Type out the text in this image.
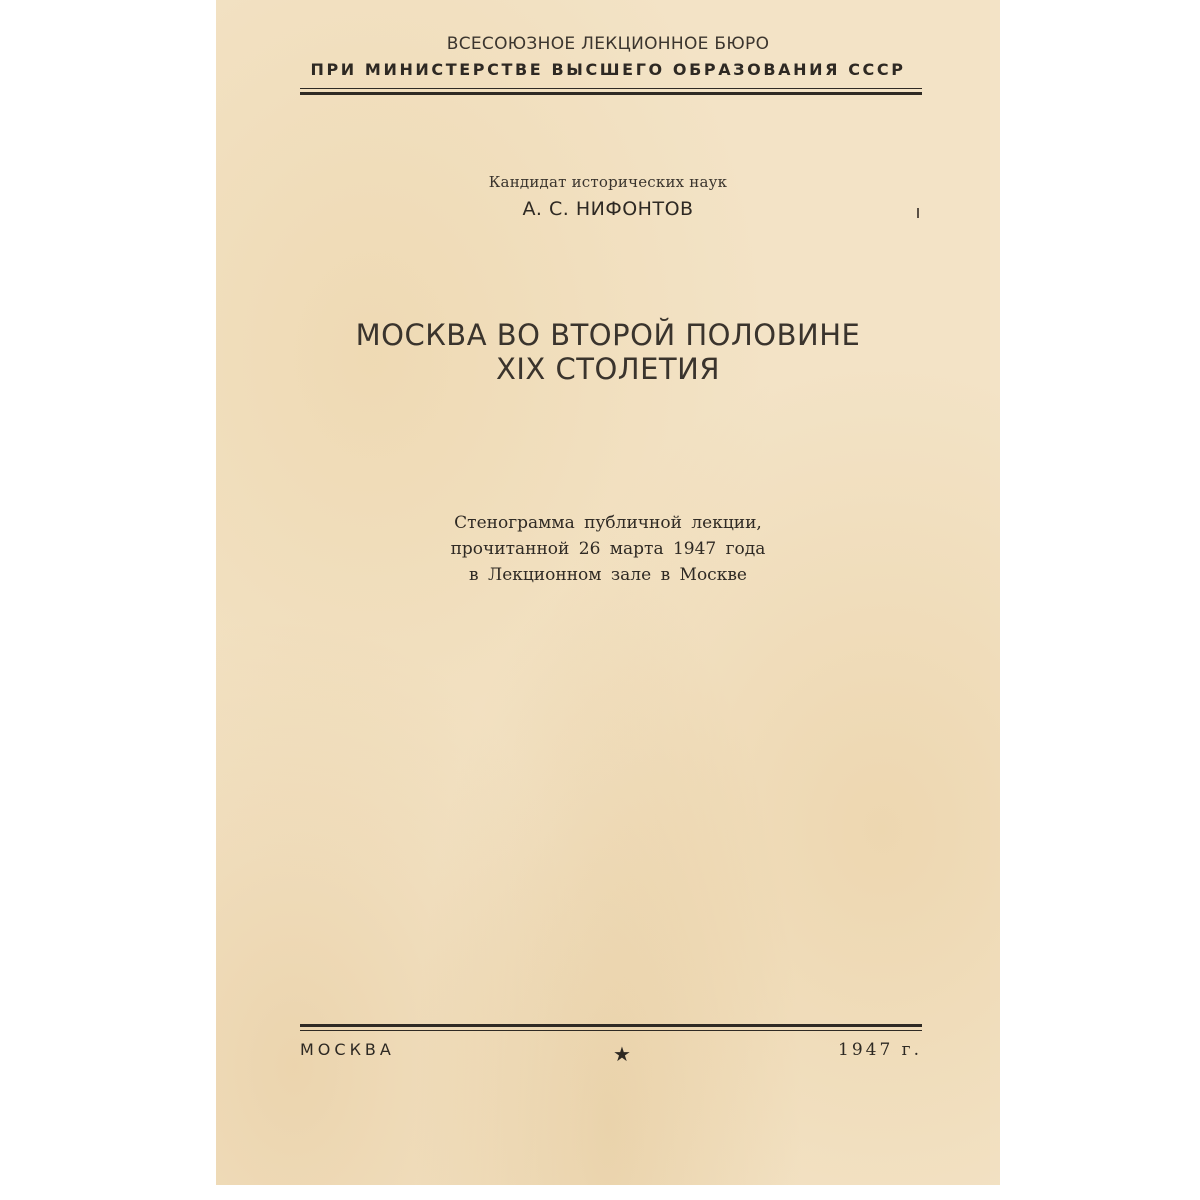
ВСЕСОЮЗНОЕ ЛЕКЦИОННОЕ БЮРО
ПРИ МИНИСТЕРСТВЕ ВЫСШЕГО ОБРАЗОВАНИЯ СССР
Кандидат исторических наук
А. С. НИФОНТОВ
МОСКВА ВО ВТОРОЙ ПОЛОВИНЕ
XIX СТОЛЕТИЯ
Стенограмма публичной лекции,
прочитанной 26 марта 1947 года
в Лекционном зале в Москве
МОСКВА	★	1947 г.
